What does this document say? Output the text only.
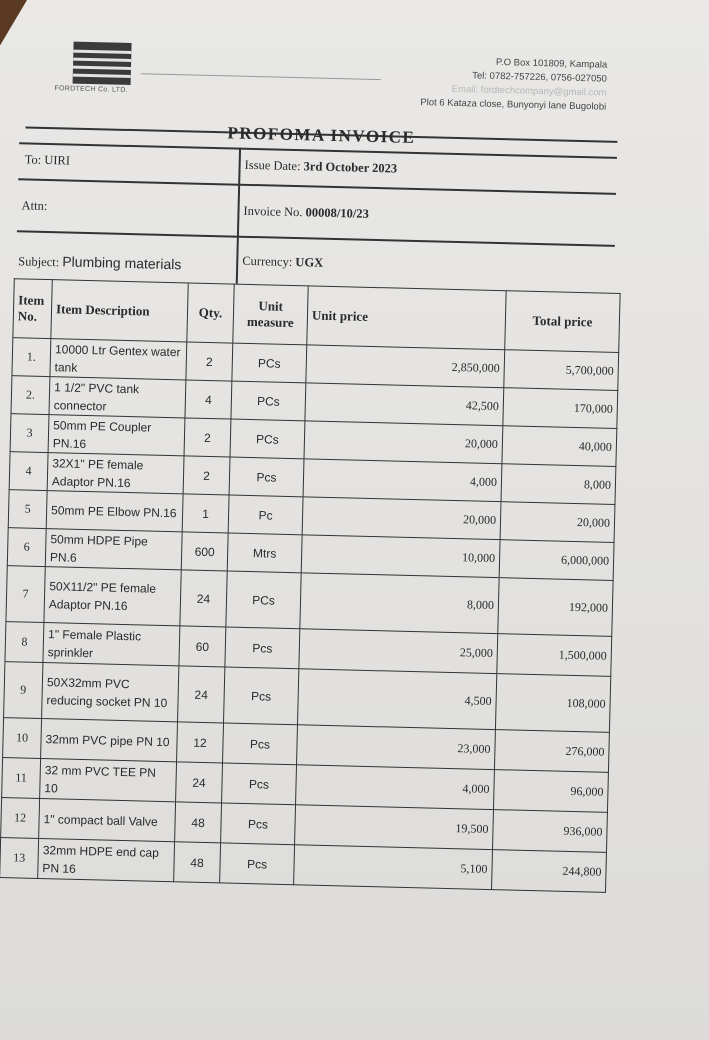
FORDTECH Co. LTD.
P.O Box 101809, Kampala
Tel: 0782-757226, 0756-027050
Email: fordtechcompany@gmail.com
Plot 6 Kataza close, Bunyonyi lane Bugolobi
PROFOMA INVOICE
To: UIRI	Issue Date: 3rd October 2023
Attn:	Invoice No. 00008/10/23
Subject: Plumbing materials	Currency: UGX
Item No.	Item Description	Qty.	Unit measure	Unit price	Total price
1.	10000 Ltr Gentex water tank	2	PCs	2,850,000	5,700,000
2.	1 1/2" PVC tank connector	4	PCs	42,500	170,000
3	50mm PE Coupler PN.16	2	PCs	20,000	40,000
4	32X1" PE female Adaptor PN.16	2	Pcs	4,000	8,000
5	50mm PE Elbow PN.16	1	Pc	20,000	20,000
6	50mm HDPE Pipe PN.6	600	Mtrs	10,000	6,000,000
7	50X11/2" PE female Adaptor PN.16	24	PCs	8,000	192,000
8	1" Female Plastic sprinkler	60	Pcs	25,000	1,500,000
9	50X32mm PVC reducing socket PN 10	24	Pcs	4,500	108,000
10	32mm PVC pipe PN 10	12	Pcs	23,000	276,000
11	32 mm PVC TEE PN 10	24	Pcs	4,000	96,000
12	1" compact ball Valve	48	Pcs	19,500	936,000
13	32mm HDPE end cap PN 16	48	Pcs	5,100	244,800
